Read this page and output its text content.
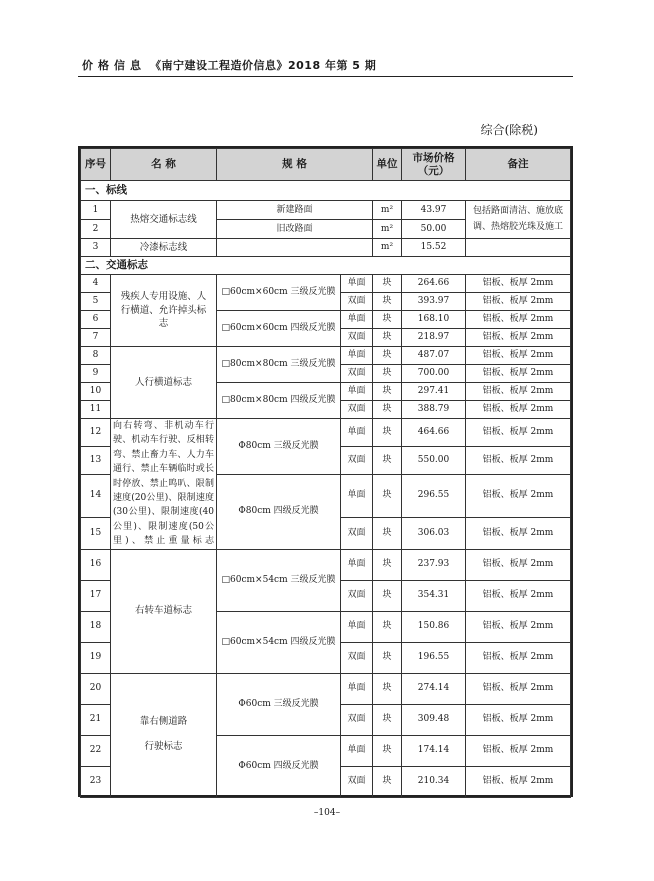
价格信息 《南宁建设工程造价信息》2018 年第 5 期
综合(除税)
序号	名 称	规 格		单位	市场价格（元）	备注
一、标线						
1	热熔交通标志线	新建路面		m²	43.97	包括路面清洁、施放底调、热熔胶光珠及施工
2		旧改路面		m²	50.00	
3	冷漆标志线			m²	15.52	
二、交通标志						
4	残疾人专用设施、人行横道、允许掉头标志	□60cm×60cm 三级反光膜	单面	块	264.66	铝板、板厚 2mm
5			双面	块	393.97	铝板、板厚 2mm
6		□60cm×60cm 四级反光膜	单面	块	168.10	铝板、板厚 2mm
7			双面	块	218.97	铝板、板厚 2mm
8	人行横道标志	□80cm×80cm 三级反光膜	单面	块	487.07	铝板、板厚 2mm
9			双面	块	700.00	铝板、板厚 2mm
10		□80cm×80cm 四级反光膜	单面	块	297.41	铝板、板厚 2mm
11			双面	块	388.79	铝板、板厚 2mm
12	向右转弯、非机动车行驶、机动车行驶、反相转弯、禁止畜力车、人力车通行、禁止车辆临时或长时停放、禁止鸣叭、限制速度(20公里)、限制速度(30公里)、限制速度(40公里)、限制速度(50公里)、禁止重量标志	Φ80cm 三级反光膜	单面	块	464.66	铝板、板厚 2mm
13			双面	块	550.00	铝板、板厚 2mm
14		Φ80cm 四级反光膜	单面	块	296.55	铝板、板厚 2mm
15			双面	块	306.03	铝板、板厚 2mm
16	右转车道标志	□60cm×54cm 三级反光膜	单面	块	237.93	铝板、板厚 2mm
17			双面	块	354.31	铝板、板厚 2mm
18		□60cm×54cm 四级反光膜	单面	块	150.86	铝板、板厚 2mm
19			双面	块	196.55	铝板、板厚 2mm
20	靠右侧道路
行驶标志	Φ60cm 三级反光膜	单面	块	274.14	铝板、板厚 2mm
21			双面	块	309.48	铝板、板厚 2mm
22		Φ60cm 四级反光膜	单面	块	174.14	铝板、板厚 2mm
23			双面	块	210.34	铝板、板厚 2mm
–104–
